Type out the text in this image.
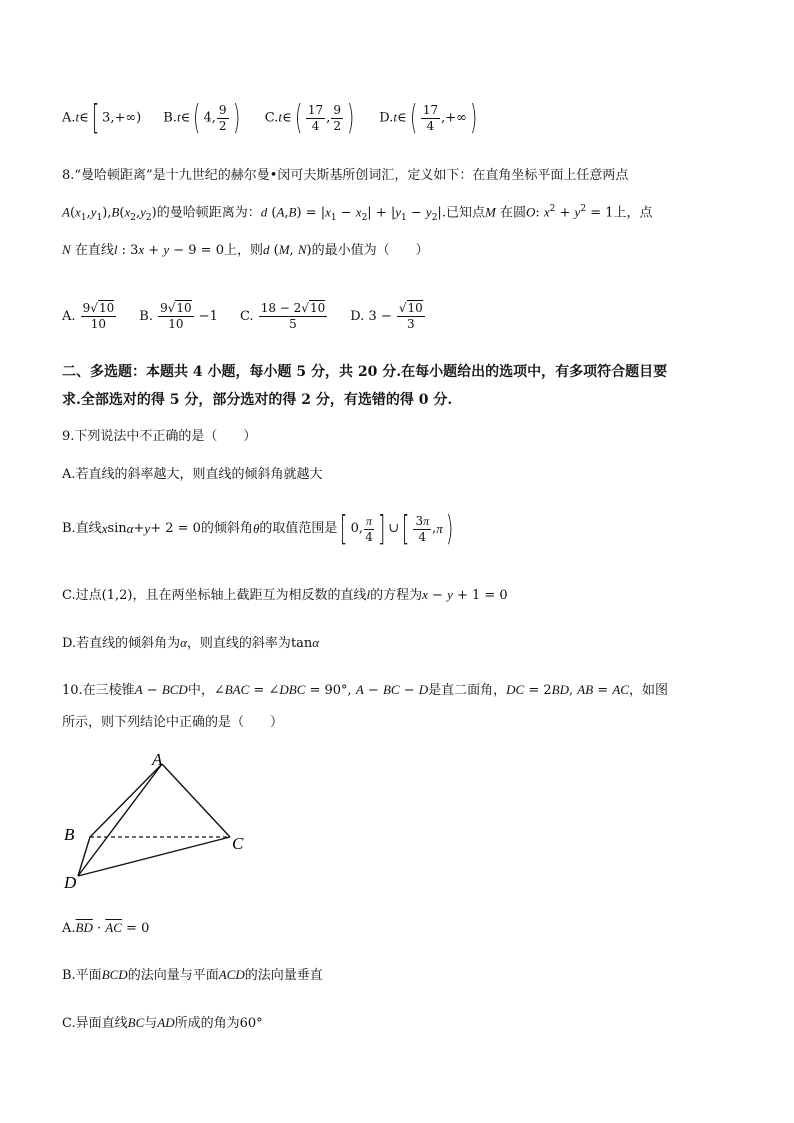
A.t∈[ 3,+∞) B.t∈( 4, $\frac{9}{2}$ ) C.t∈( $\frac{17}{4}$ , $\frac{9}{2}$ ) D.t∈( $\frac{17}{4}$ ,+∞)
8.“曼哈顿距离”是十九世纪的赫尔曼•闵可夫斯基所创词汇，定义如下：在直角坐标平面上任意两点
$A(x_1,y_1),B(x_2,y_2)$的曼哈顿距离为：d $(A,B) = |x_1 - x_2| + |y_1 - y_2|$.已知点M 在圆O: $x^2 + y^2 = 1$上，点
N 在直线l : 3x + y − 9 = 0上，则d (M, N)的最小值为（　　）
A. $\frac{9√10}{10} B$. $\frac{9√10}{10} -1$ C. $\frac{18 - 2√10}{5} D$. $3 - \frac{√10}{3}$
二、多选题：本题共 4 小题，每小题 5 分，共 20 分.在每小题给出的选项中，有多项符合题目要
求.全部选对的得 5 分，部分选对的得 2 分，有选错的得 0 分.
9.下列说法中不正确的是（　　）
A.若直线的斜率越大，则直线的倾斜角就越大
B.直线 x sin α + y + 2 = 0 的倾斜角 θ 的取值范围是 [ 0, $\frac{\pi}{4}$ ] ∪ [ $\frac{3\pi}{4}$ , π )
C.过点(1,2)，且在两坐标轴上截距互为相反数的直线l的方程为x − y + 1 = 0
D.若直线的倾斜角为α，则直线的斜率为tanα
10.在三棱锥A − BCD中，∠BAC = ∠DBC = 90°, A − BC − D是直二面角，DC = 2BD, AB = AC，如图
所示，则下列结论中正确的是（　　）
A
B	C
D
$A.\overline{BD} \cdot \overline{AC} = 0$
B.平面BCD的法向量与平面ACD的法向量垂直
C.异面直线BC与AD所成的角为60°
